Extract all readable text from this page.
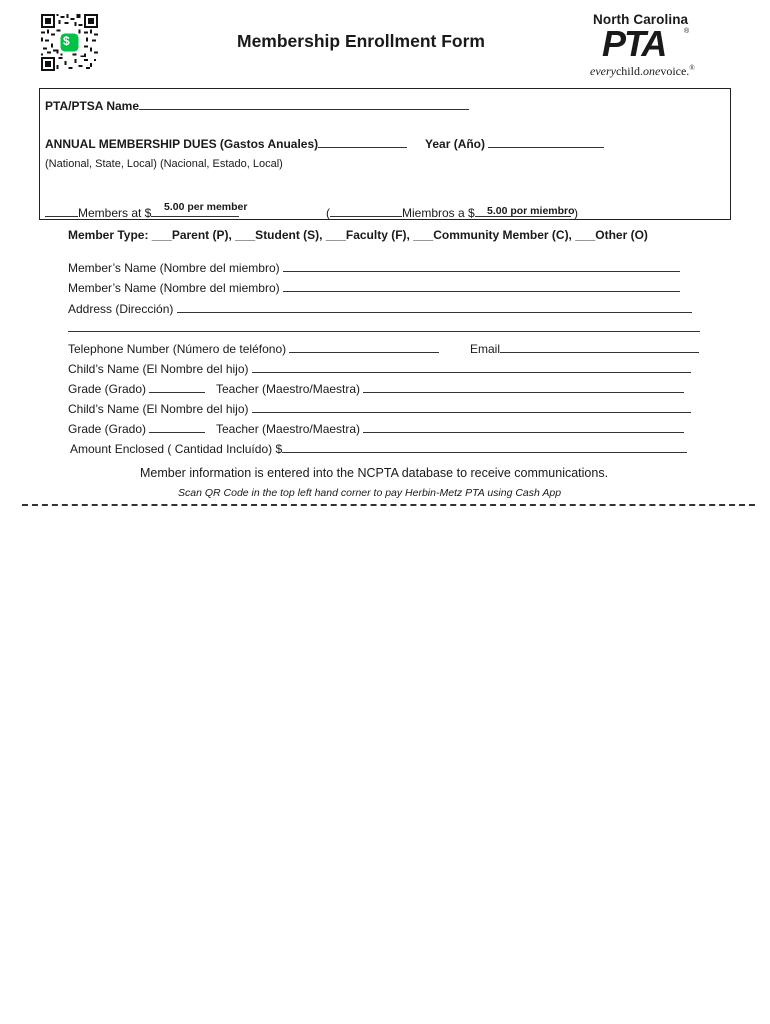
$	Membership Enrollment Form
North Carolina
PTA	®
everychild.onevoice.®
PTA/PTSA Name
ANNUAL MEMBERSHIP DUES (Gastos Anuales)	Year (Año)
(National, State, Local) (Nacional, Estado, Local)
Members at $	5.00 per member	(	Miembros a $	)
5.00 por miembro
Member Type: ___Parent (P), ___Student (S), ___Faculty (F), ___Community Member (C), ___Other (O)
Member’s Name (Nombre del miembro)
Member’s Name (Nombre del miembro)
Address (Dirección)
Telephone Number (Número de teléfono)	Email
Child’s Name (El Nombre del hijo)
Grade (Grado)	Teacher (Maestro/Maestra)
Child’s Name (El Nombre del hijo)
Grade (Grado)	Teacher (Maestro/Maestra)
Amount Enclosed ( Cantidad Incluído) $
Member information is entered into the NCPTA database to receive communications.
Scan QR Code in the top left hand corner to pay Herbin-Metz PTA using Cash App
